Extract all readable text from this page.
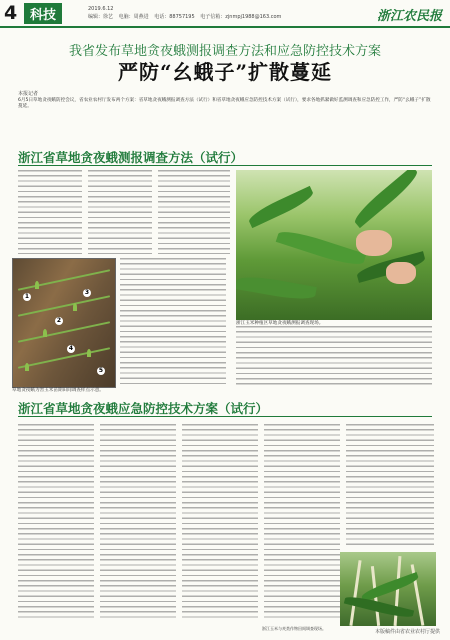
4 科技	2019.6.12
编辑：徐艺 电脑：周燕进 电话：88757195 电子信箱：zjnmpj1988@163.com	浙江农民报
我省发布草地贪夜蛾测报调查方法和应急防控技术方案
严防“幺蛾子”扩散蔓延
本报记者
6月5日草地贪夜蛾防控会议，省农业农村厅发布两个方案：省草地贪夜蛾测报调查方法（试行）和省草地贪夜蛾应急防控技术方案（试行），要求各地抓紧做好监测调查和应急防控工作，严防“幺蛾子”扩散蔓延。
浙江省草地贪夜蛾测报调查方法（试行）
1
2
3
4
5
草地贪夜蛾为害玉米苗期田间调查样点示意。
浙江玉米种植区草地贪夜蛾测报调查现场。
浙江省草地贪夜蛾应急防控技术方案（试行）
浙江玉米与麦类作物田间调查现场。
本版稿件由省农业农村厅提供
